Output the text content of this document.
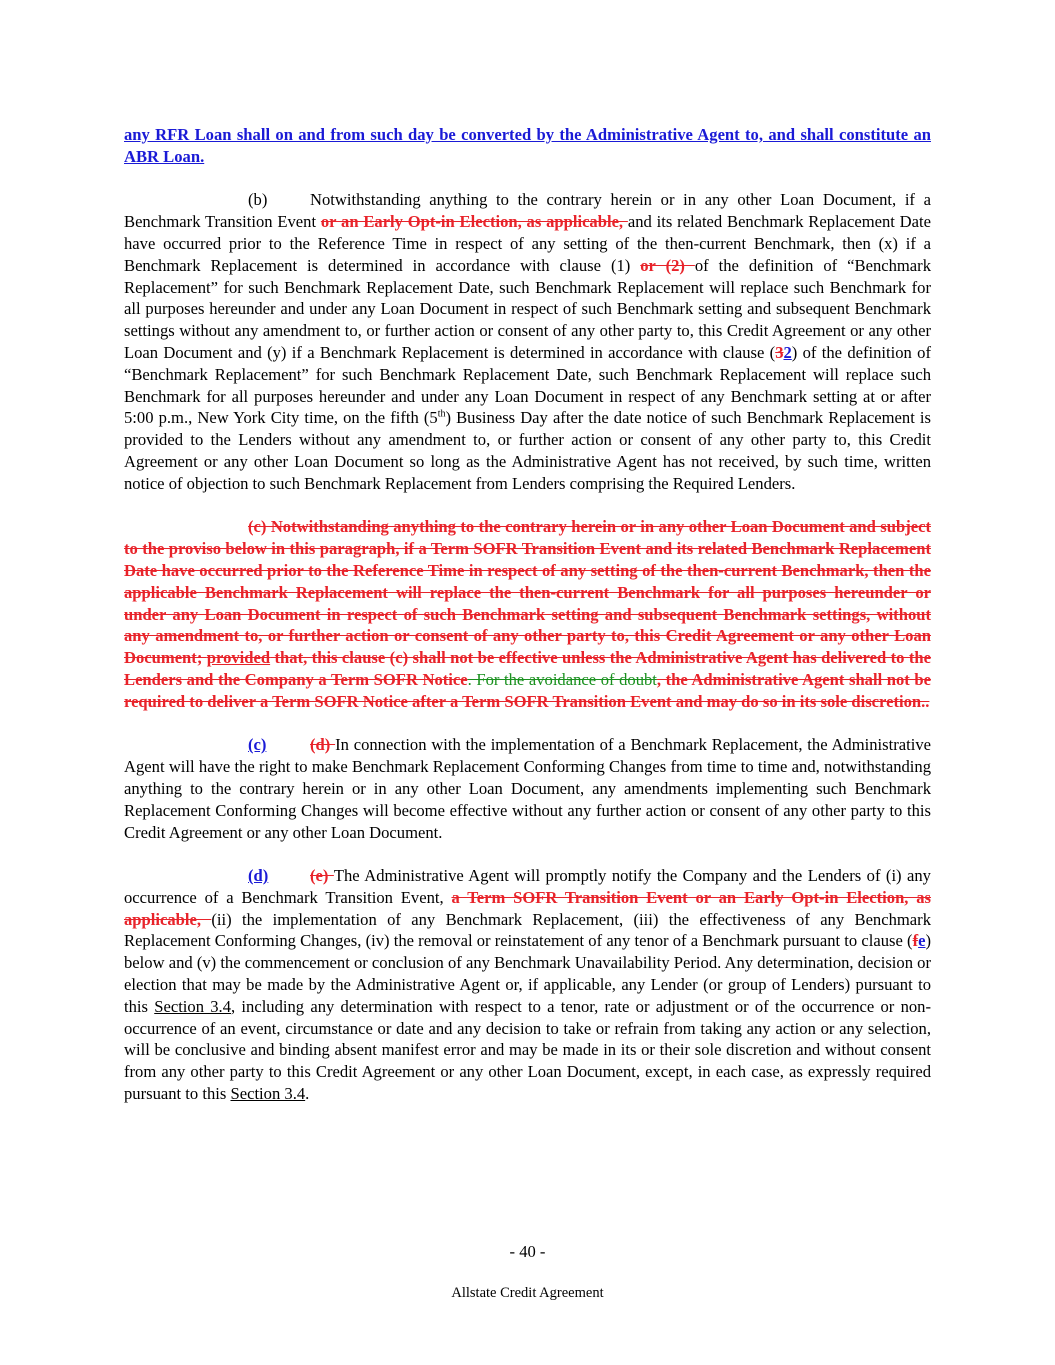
any RFR Loan shall on and from such day be converted by the Administrative Agent to, and shall constitute an ABR Loan.

(b)	Notwithstanding anything to the contrary herein or in any other Loan Document, if a Benchmark Transition Event or an Early Opt-in Election, as applicable, and its related Benchmark Replacement Date have occurred prior to the Reference Time in respect of any setting of the then-current Benchmark, then (x) if a Benchmark Replacement is determined in accordance with clause (1) or (2) of the definition of “Benchmark Replacement” for such Benchmark Replacement Date, such Benchmark Replacement will replace such Benchmark for all purposes hereunder and under any Loan Document in respect of such Benchmark setting and subsequent Benchmark settings without any amendment to, or further action or consent of any other party to, this Credit Agreement or any other Loan Document and (y) if a Benchmark Replacement is determined in accordance with clause (32) of the definition of “Benchmark Replacement” for such Benchmark Replacement Date, such Benchmark Replacement will replace such Benchmark for all purposes hereunder and under any Loan Document in respect of any Benchmark setting at or after 5:00 p.m., New York City time, on the fifth (5th) Business Day after the date notice of such Benchmark Replacement is provided to the Lenders without any amendment to, or further action or consent of any other party to, this Credit Agreement or any other Loan Document so long as the Administrative Agent has not received, by such time, written notice of objection to such Benchmark Replacement from Lenders comprising the Required Lenders.

(c) Notwithstanding anything to the contrary herein or in any other Loan Document and subject to the proviso below in this paragraph, if a Term SOFR Transition Event and its related Benchmark Replacement Date have occurred prior to the Reference Time in respect of any setting of the then-current Benchmark, then the applicable Benchmark Replacement will replace the then-current Benchmark for all purposes hereunder or under any Loan Document in respect of such Benchmark setting and subsequent Benchmark settings, without any amendment to, or further action or consent of any other party to, this Credit Agreement or any other Loan Document; provided that, this clause (c) shall not be effective unless the Administrative Agent has delivered to the Lenders and the Company a Term SOFR Notice. For the avoidance of doubt, the Administrative Agent shall not be required to deliver a Term SOFR Notice after a Term SOFR Transition Event and may do so in its sole discretion..

(c)	(d) In connection with the implementation of a Benchmark Replacement, the Administrative Agent will have the right to make Benchmark Replacement Conforming Changes from time to time and, notwithstanding anything to the contrary herein or in any other Loan Document, any amendments implementing such Benchmark Replacement Conforming Changes will become effective without any further action or consent of any other party to this Credit Agreement or any other Loan Document.

(d)	(e) The Administrative Agent will promptly notify the Company and the Lenders of (i) any occurrence of a Benchmark Transition Event, a Term SOFR Transition Event or an Early Opt-in Election, as applicable, (ii) the implementation of any Benchmark Replacement, (iii) the effectiveness of any Benchmark Replacement Conforming Changes, (iv) the removal or reinstatement of any tenor of a Benchmark pursuant to clause (fe) below and (v) the commencement or conclusion of any Benchmark Unavailability Period. Any determination, decision or election that may be made by the Administrative Agent or, if applicable, any Lender (or group of Lenders) pursuant to this Section 3.4, including any determination with respect to a tenor, rate or adjustment or of the occurrence or non-occurrence of an event, circumstance or date and any decision to take or refrain from taking any action or any selection, will be conclusive and binding absent manifest error and may be made in its or their sole discretion and without consent from any other party to this Credit Agreement or any other Loan Document, except, in each case, as expressly required pursuant to this Section 3.4.

- 40 -
Allstate Credit Agreement
